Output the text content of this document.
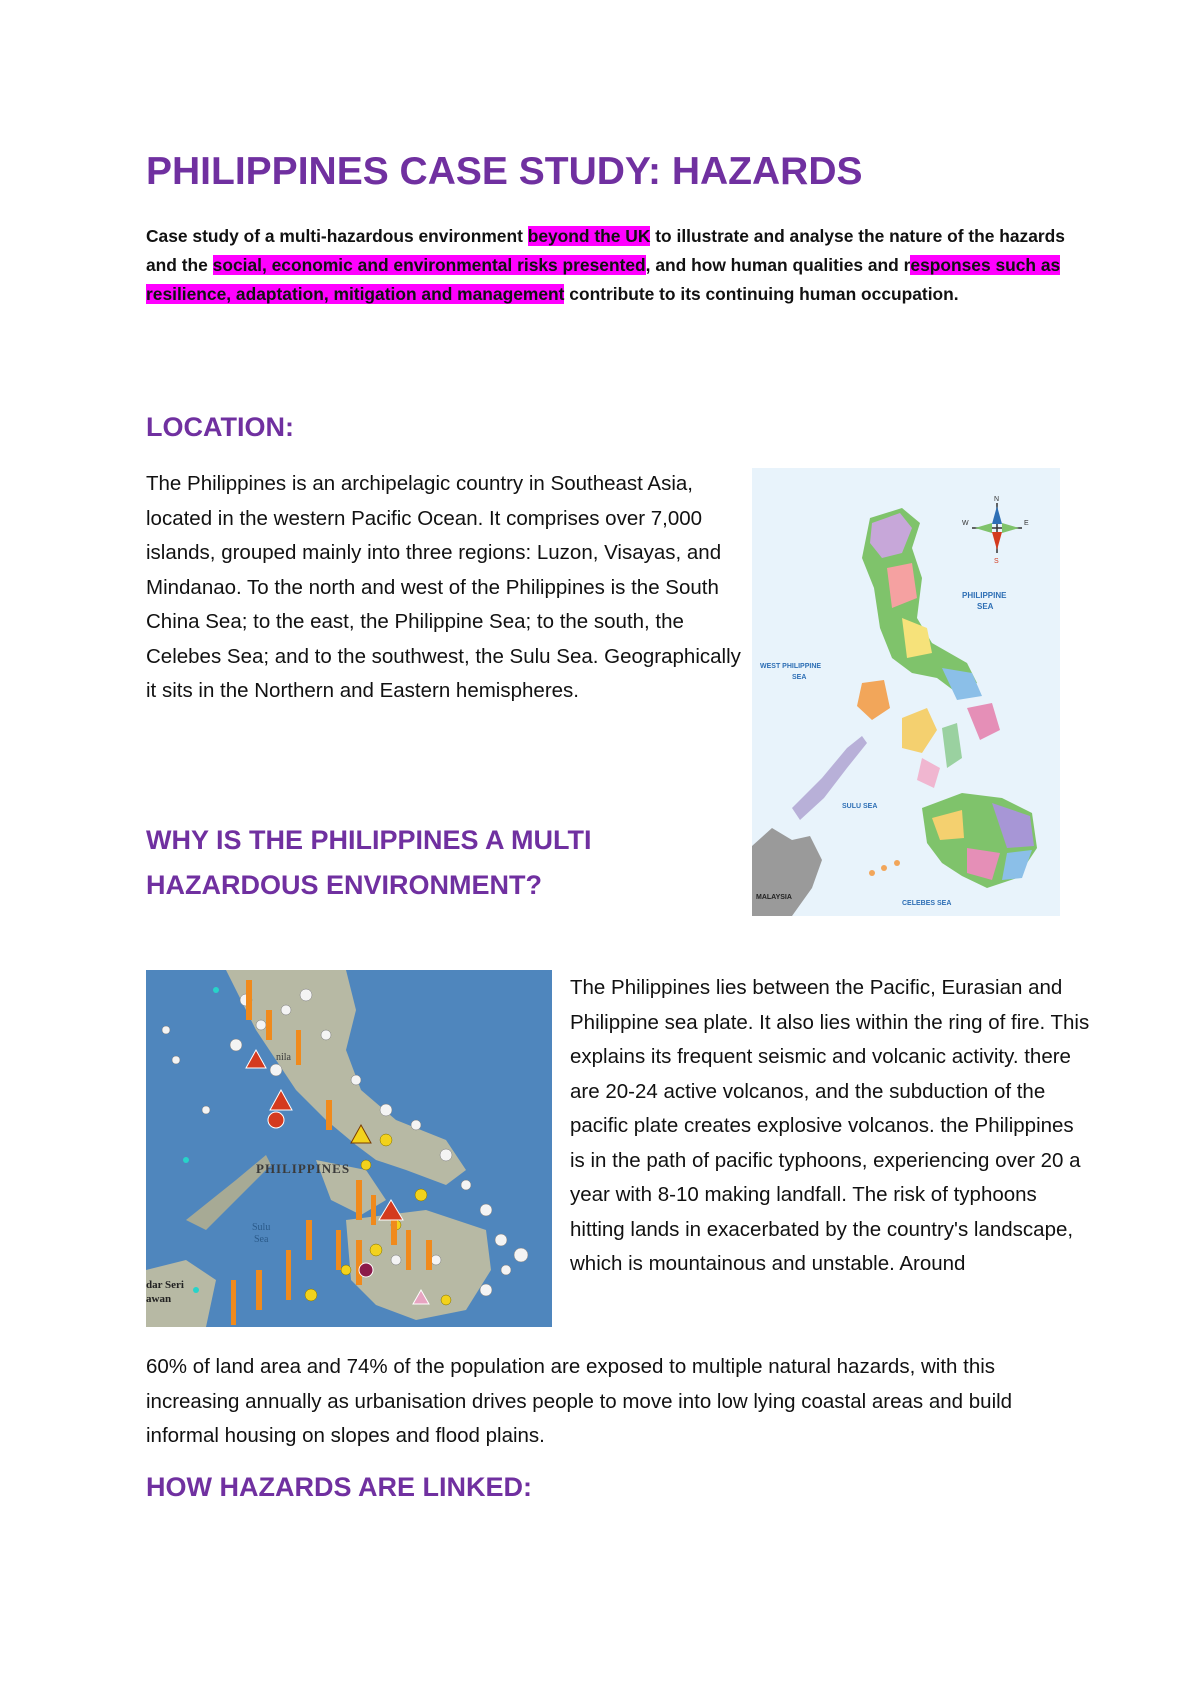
PHILIPPINES CASE STUDY: HAZARDS

Case study of a multi-hazardous environment beyond the UK to illustrate and analyse the nature of the hazards and the social, economic and environmental risks presented, and how human qualities and responses such as resilience, adaptation, mitigation and management contribute to its continuing human occupation.

LOCATION:

The Philippines is an archipelagic country in Southeast Asia, located in the western Pacific Ocean. It comprises over 7,000 islands, grouped mainly into three regions: Luzon, Visayas, and Mindanao. To the north and west of the Philippines is the South China Sea; to the east, the Philippine Sea; to the south, the Celebes Sea; and to the southwest, the Sulu Sea. Geographically it sits in the Northern and Eastern hemispheres.

N
S
E
W
PHILIPPINE
SEA
WEST PHILIPPINE
SEA
SULU SEA
CELEBES SEA
MALAYSIA
WHY IS THE PHILIPPINES A MULTI
HAZARDOUS ENVIRONMENT?
PHILIPPINES
nila
Sulu
Sea
dar Seri
awan

The Philippines lies between the Pacific, Eurasian and Philippine sea plate. It also lies within the ring of fire. This explains its frequent seismic and volcanic activity. there are 20-24 active volcanos, and the subduction of the pacific plate creates explosive volcanos. the Philippines is in the path of pacific typhoons, experiencing over 20 a year with 8-10 making landfall. The risk of typhoons hitting lands in exacerbated by the country's landscape, which is mountainous and unstable. Around

60% of land area and 74% of the population are exposed to multiple natural hazards, with this increasing annually as urbanisation drives people to move into low lying coastal areas and build informal housing on slopes and flood plains.

HOW HAZARDS ARE LINKED:
